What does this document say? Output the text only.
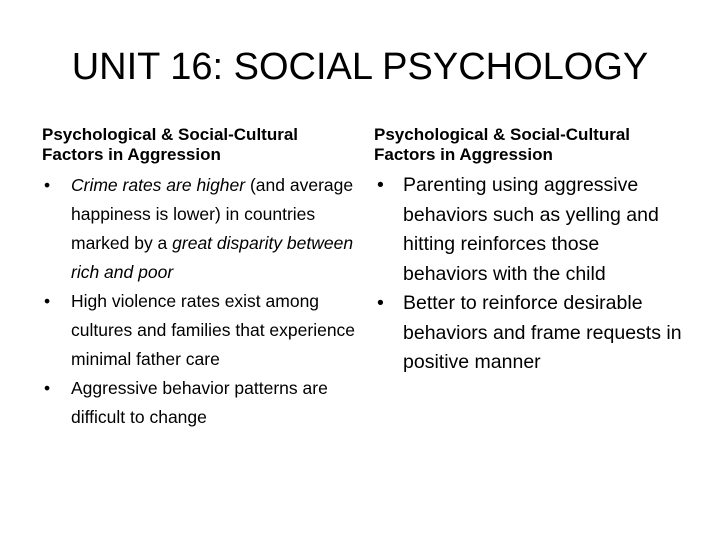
UNIT 16: SOCIAL PSYCHOLOGY
Psychological & Social-Cultural
Factors in Aggression
• Crime rates are higher (and average happiness is lower) in countries marked by a great disparity between rich and poor
• High violence rates exist among cultures and families that experience minimal father care
• Aggressive behavior patterns are difficult to change
Psychological & Social-Cultural
Factors in Aggression
• Parenting using aggressive behaviors such as yelling and hitting reinforces those behaviors with the child
• Better to reinforce desirable behaviors and frame requests in positive manner
